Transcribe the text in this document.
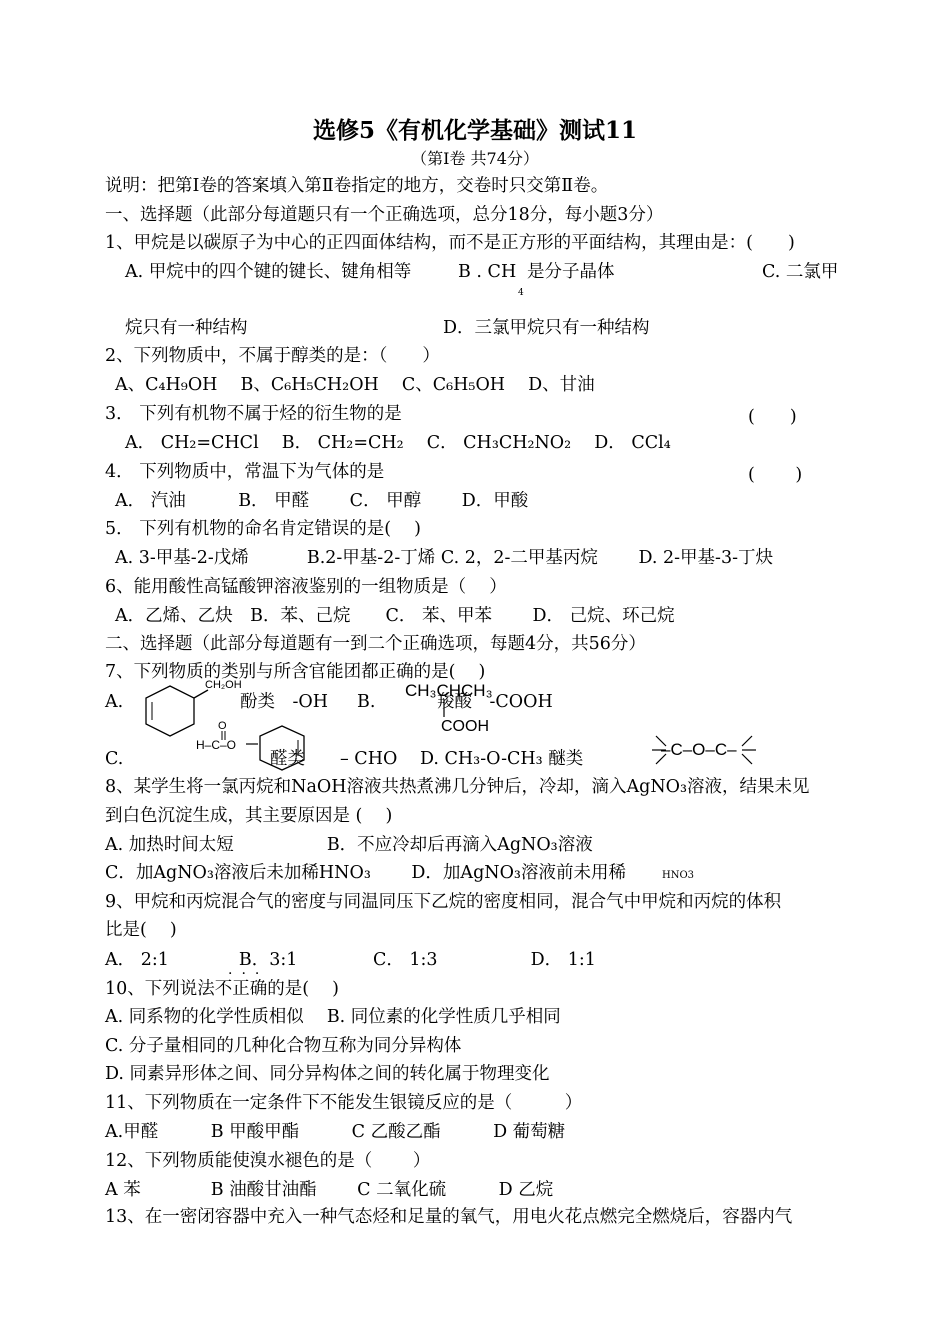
选修5《有机化学基础》测试11
（第Ⅰ卷 共74分）
说明：把第Ⅰ卷的答案填入第Ⅱ卷指定的地方，交卷时只交第Ⅱ卷。
一、选择题（此部分每道题只有一个正确选项，总分18分，每小题3分）
1、甲烷是以碳原子为中心的正四面体结构，而不是正方形的平面结构，其理由是：(　　)
A. 甲烷中的四个键的键长、键角相等	B . CH
4
是分子晶体	C. 二氯甲
烷只有一种结构	D．三氯甲烷只有一种结构
2、下列物质中，不属于醇类的是：（　　）
A、C₄H₉OH　 B、C₆H₅CH₂OH　 C、C₆H₅OH　 D、甘油
3． 下列有机物不属于烃的衍生物的是	(　　)
A． CH₂=CHCl　 B． CH₂=CH₂　 C． CH₃CH₂NO₂　 D． CCl₄
4． 下列物质中，常温下为气体的是	(　　 )
A． 汽油　　　B． 甲醛　　 C． 甲醇　　 D．甲酸
5． 下列有机物的命名肯定错误的是(　 )
A. 3-甲基-2-戊烯　　　 B.2-甲基-2-丁烯 C. 2，2-二甲基丙烷　　 D. 2-甲基-3-丁炔
6、能用酸性高锰酸钾溶液鉴别的一组物质是（　 ）
A．乙烯、乙炔　B．苯、己烷　　C． 苯、甲苯　　 D． 己烷、环己烷
二、选择题（此部分每道题有一到二个正确选项，每题4分，共56分）
7、下列物质的类别与所含官能团都正确的是(　 )
A.
CH₂OH
酚类　-OH B.
CH₃CHCH₃
COOH
羧酸　-COOH
C.
O
H–C–O
醛类　　– CHO D. CH₃-O-CH₃ 醚类	–C–O–C–
8、某学生将一氯丙烷和NaOH溶液共热煮沸几分钟后，冷却，滴入AgNO₃溶液，结果未见
到白色沉淀生成，其主要原因是 (　 )
A. 加热时间太短　　　　　 B．不应冷却后再滴入AgNO₃溶液
C．加AgNO₃溶液后未加稀HNO₃　　 D．加AgNO₃溶液前未用稀	HNO3
9、甲烷和丙烷混合气的密度与同温同压下乙烷的密度相同，混合气中甲烷和丙烷的体积
比是(　 )
A． 2:1　　　　B．3:1　　　　 C． 1:3　　　　　 D． 1:1
···
10、下列说法不正确的是(　 )
A. 同系物的化学性质相似　 B. 同位素的化学性质几乎相同
C. 分子量相同的几种化合物互称为同分异构体
D. 同素异形体之间、同分异构体之间的转化属于物理变化
11、下列物质在一定条件下不能发生银镜反应的是（　　　）
A.甲醛　　　B 甲酸甲酯　　　C 乙酸乙酯　　　D 葡萄糖
12、下列物质能使溴水褪色的是（　　 ）
A 苯　　　　B 油酸甘油酯　　 C 二氧化硫　　　D 乙烷
13、在一密闭容器中充入一种气态烃和足量的氧气，用电火花点燃完全燃烧后，容器内气
